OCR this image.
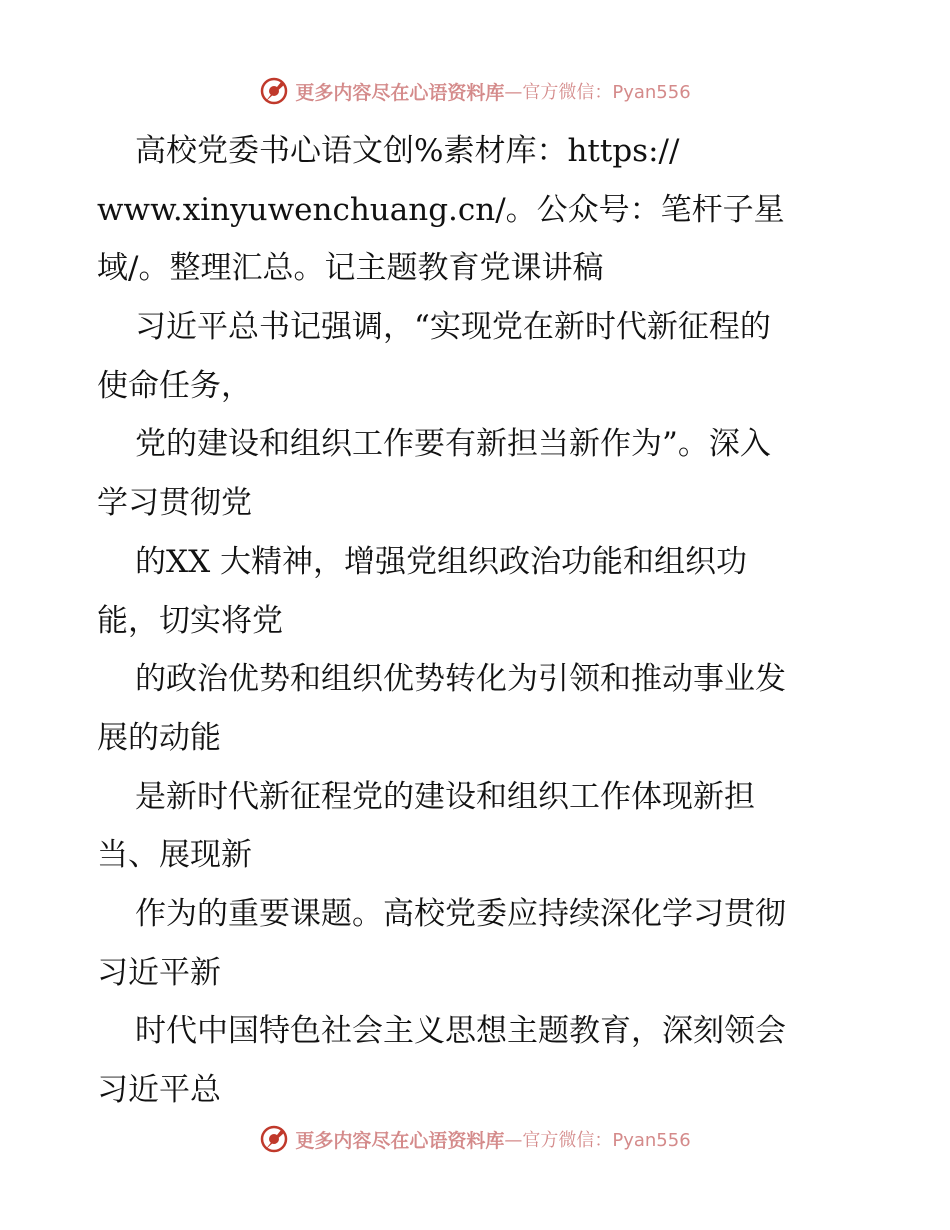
更多内容尽在心语资料库 —官方微信：Pyan556
高校党委书心语文创%素材库：https://
www.xinyuwenchuang.cn/。公众号：笔杆子星
域/。整理汇总。记主题教育党课讲稿
习近平总书记强调，“实现党在新时代新征程的
使命任务，
党的建设和组织工作要有新担当新作为”。深入
学习贯彻党
的XX 大精神，增强党组织政治功能和组织功
能，切实将党
的政治优势和组织优势转化为引领和推动事业发
展的动能
是新时代新征程党的建设和组织工作体现新担
当、展现新
作为的重要课题。高校党委应持续深化学习贯彻
习近平新
时代中国特色社会主义思想主题教育，深刻领会
习近平总
更多内容尽在心语资料库 —官方微信：Pyan556
